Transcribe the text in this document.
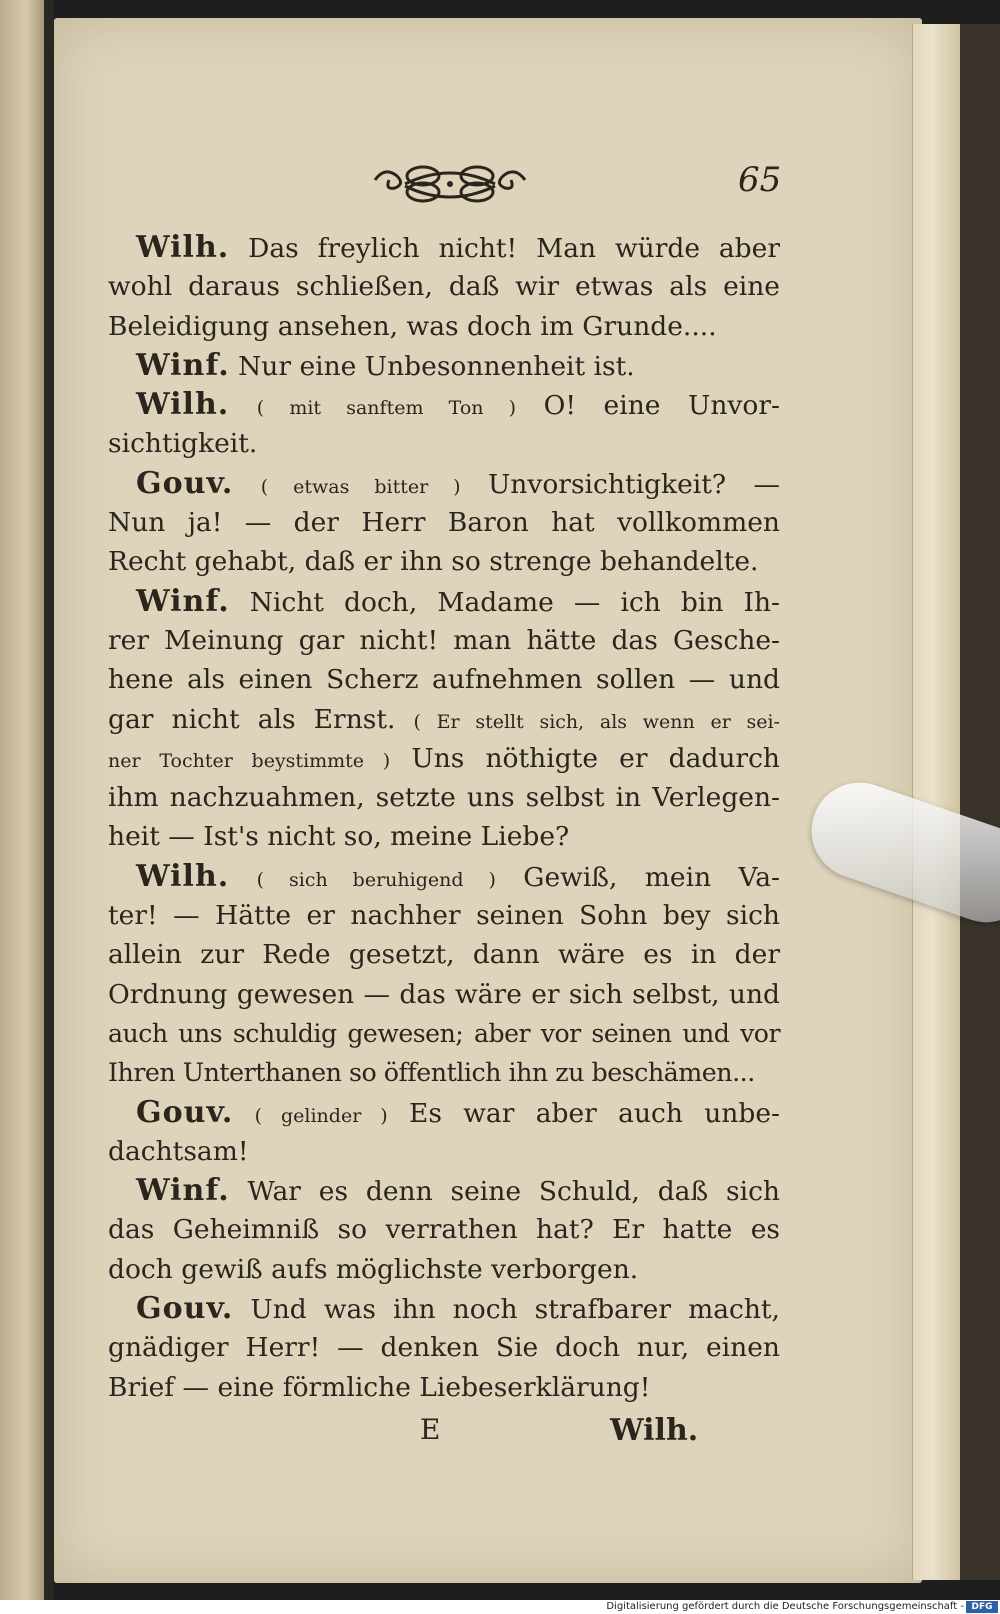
65
Wilh. Das freylich nicht! Man würde aber
wohl daraus schließen, daß wir etwas als eine
Beleidigung ansehen, was doch im Grunde....
Winf. Nur eine Unbesonnenheit ist.
Wilh. ( mit sanftem Ton ) O! eine Unvor-
sichtigkeit.
Gouv. ( etwas bitter ) Unvorsichtigkeit? —
Nun ja! — der Herr Baron hat vollkommen
Recht gehabt, daß er ihn so strenge behandelte.
Winf. Nicht doch, Madame — ich bin Ih-
rer Meinung gar nicht! man hätte das Gesche-
hene als einen Scherz aufnehmen sollen — und
gar nicht als Ernst. ( Er stellt sich, als wenn er sei-
ner Tochter beystimmte ) Uns nöthigte er dadurch
ihm nachzuahmen, setzte uns selbst in Verlegen-
heit — Ist's nicht so, meine Liebe?
Wilh. ( sich beruhigend ) Gewiß, mein Va-
ter! — Hätte er nachher seinen Sohn bey sich
allein zur Rede gesetzt, dann wäre es in der
Ordnung gewesen — das wäre er sich selbst, und
auch uns schuldig gewesen; aber vor seinen und vor
Ihren Unterthanen so öffentlich ihn zu beschämen...
Gouv. ( gelinder ) Es war aber auch unbe-
dachtsam!
Winf. War es denn seine Schuld, daß sich
das Geheimniß so verrathen hat? Er hatte es
doch gewiß aufs möglichste verborgen.
Gouv. Und was ihn noch strafbarer macht,
gnädiger Herr! — denken Sie doch nur, einen
Brief — eine förmliche Liebeserklärung!
E	Wilh.
Digitalisierung gefördert durch die Deutsche Forschungsgemeinschaft - DFG
